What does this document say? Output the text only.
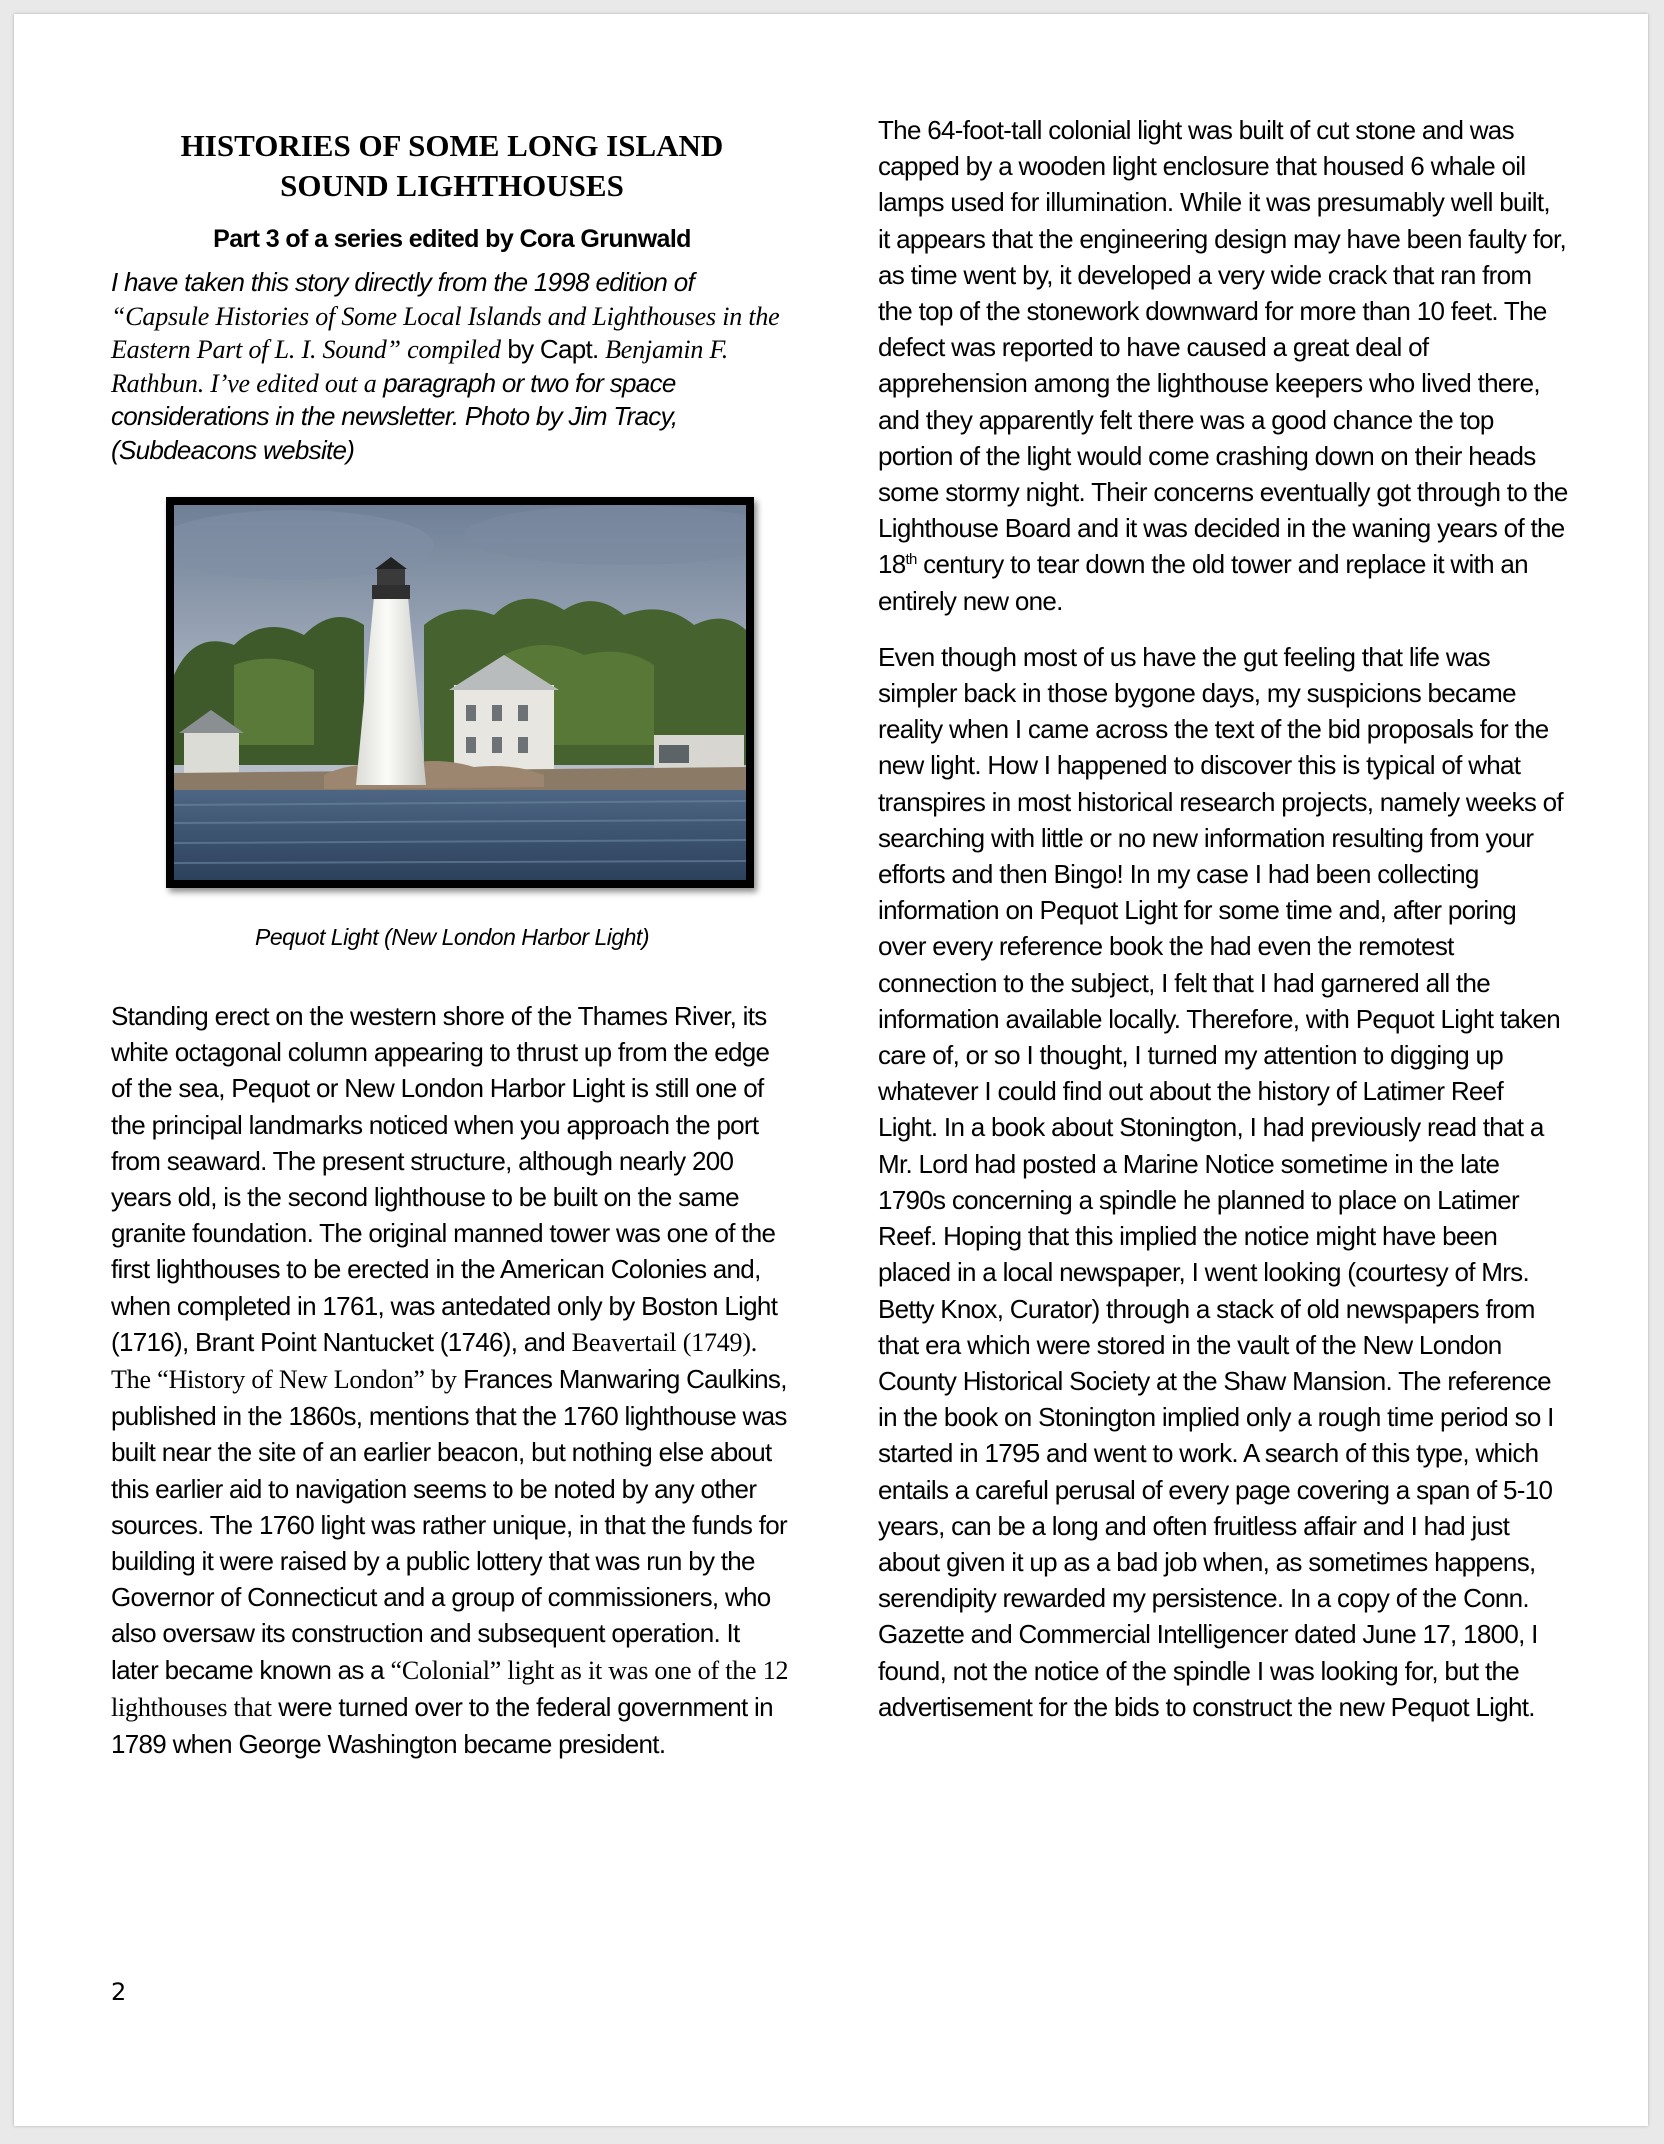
HISTORIES OF SOME LONG ISLAND
SOUND LIGHTHOUSES
Part 3 of a series edited by Cora Grunwald

I have taken this story directly from the 1998 edition of “Capsule Histories of Some Local Islands and Lighthouses in the Eastern Part of L. I. Sound” compiled by Capt. Benjamin F. Rathbun. I’ve edited out a paragraph or two for space considerations in the newsletter. Photo by Jim Tracy, (Subdeacons website)

Pequot Light (New London Harbor Light)

Standing erect on the western shore of the Thames River, its white octagonal column appearing to thrust up from the edge of the sea, Pequot or New London Harbor Light is still one of the principal landmarks noticed when you approach the port from seaward. The present structure, although nearly 200 years old, is the second lighthouse to be built on the same granite foundation. The original manned tower was one of the first lighthouses to be erected in the American Colonies and, when completed in 1761, was antedated only by Boston Light (1716), Brant Point Nantucket (1746), and Beavertail (1749). The “History of New London” by Frances Manwaring Caulkins, published in the 1860s, mentions that the 1760 lighthouse was built near the site of an earlier beacon, but nothing else about this earlier aid to navigation seems to be noted by any other sources. The 1760 light was rather unique, in that the funds for building it were raised by a public lottery that was run by the Governor of Connecticut and a group of commissioners, who also oversaw its construction and subsequent operation. It later became known as a “Colonial” light as it was one of the 12 lighthouses that were turned over to the federal government in 1789 when George Washington became president.

The 64-foot-tall colonial light was built of cut stone and was capped by a wooden light enclosure that housed 6 whale oil lamps used for illumination. While it was presumably well built, it appears that the engineering design may have been faulty for, as time went by, it developed a very wide crack that ran from the top of the stonework downward for more than 10 feet. The defect was reported to have caused a great deal of apprehension among the lighthouse keepers who lived there, and they apparently felt there was a good chance the top portion of the light would come crashing down on their heads some stormy night. Their concerns eventually got through to the Lighthouse Board and it was decided in the waning years of the 18th century to tear down the old tower and replace it with an entirely new one.

Even though most of us have the gut feeling that life was simpler back in those bygone days, my suspicions became reality when I came across the text of the bid proposals for the new light. How I happened to discover this is typical of what transpires in most historical research projects, namely weeks of searching with little or no new information resulting from your efforts and then Bingo! In my case I had been collecting information on Pequot Light for some time and, after poring over every reference book the had even the remotest connection to the subject, I felt that I had garnered all the information available locally. Therefore, with Pequot Light taken care of, or so I thought, I turned my attention to digging up whatever I could find out about the history of Latimer Reef Light. In a book about Stonington, I had previously read that a Mr. Lord had posted a Marine Notice sometime in the late 1790s concerning a spindle he planned to place on Latimer Reef. Hoping that this implied the notice might have been placed in a local newspaper, I went looking (courtesy of Mrs. Betty Knox, Curator) through a stack of old newspapers from that era which were stored in the vault of the New London County Historical Society at the Shaw Mansion. The reference in the book on Stonington implied only a rough time period so I started in 1795 and went to work. A search of this type, which entails a careful perusal of every page covering a span of 5-10 years, can be a long and often fruitless affair and I had just about given it up as a bad job when, as sometimes happens, serendipity rewarded my persistence. In a copy of the Conn. Gazette and Commercial Intelligencer dated June 17, 1800, I found, not the notice of the spindle I was looking for, but the advertisement for the bids to construct the new Pequot Light.

2
